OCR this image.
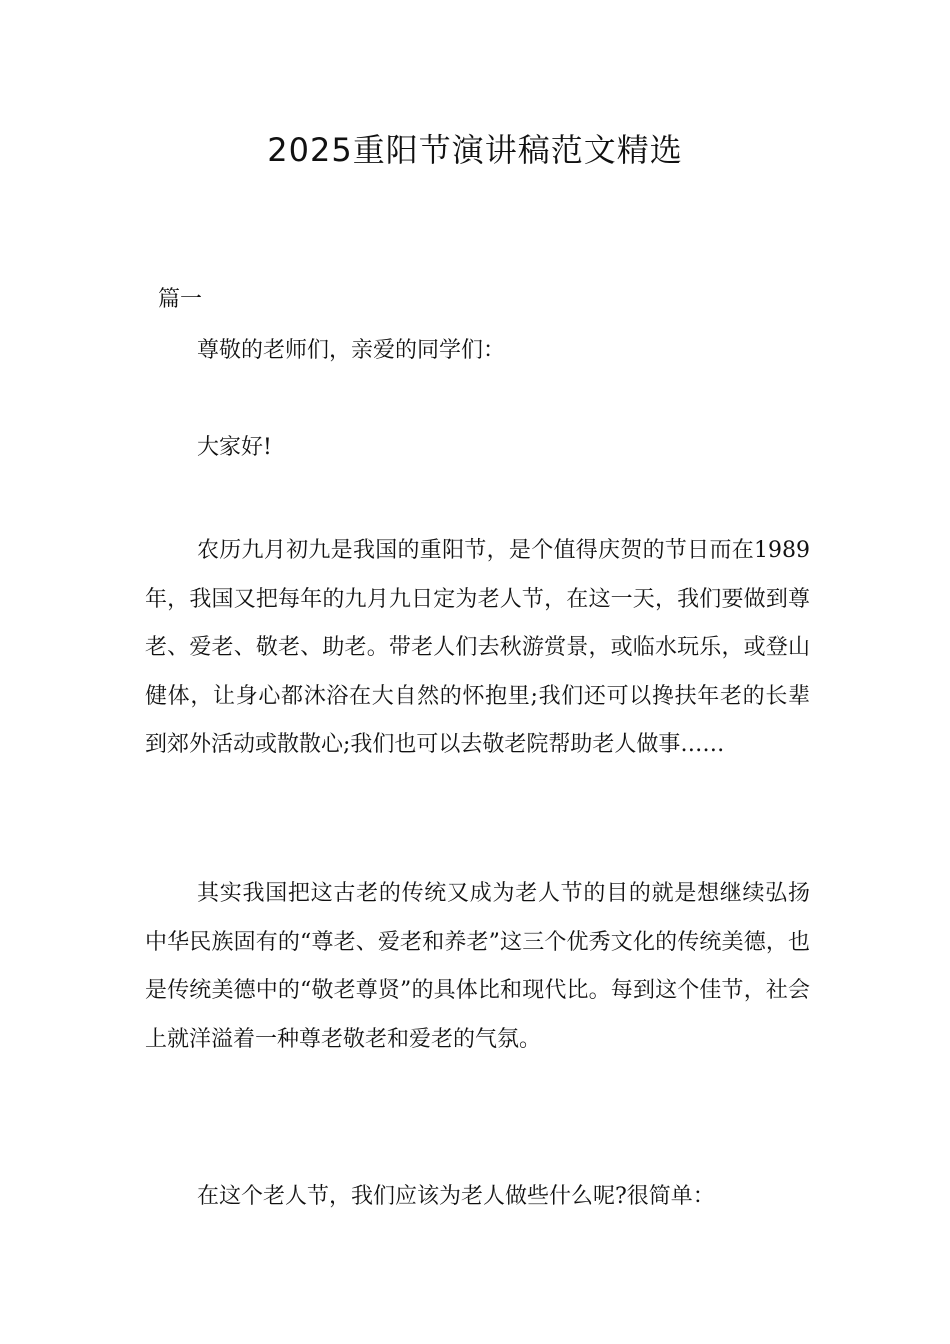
2025重阳节演讲稿范文精选
篇一

尊敬的老师们，亲爱的同学们：

大家好!

农历九月初九是我国的重阳节，是个值得庆贺的节日而在1989年，我国又把每年的九月九日定为老人节，在这一天，我们要做到尊老、爱老、敬老、助老。带老人们去秋游赏景，或临水玩乐，或登山健体，让身心都沐浴在大自然的怀抱里;我们还可以搀扶年老的长辈到郊外活动或散散心;我们也可以去敬老院帮助老人做事……

其实我国把这古老的传统又成为老人节的目的就是想继续弘扬中华民族固有的“尊老、爱老和养老”这三个优秀文化的传统美德，也是传统美德中的“敬老尊贤”的具体比和现代比。每到这个佳节，社会上就洋溢着一种尊老敬老和爱老的气氛。

在这个老人节，我们应该为老人做些什么呢?很简单：
